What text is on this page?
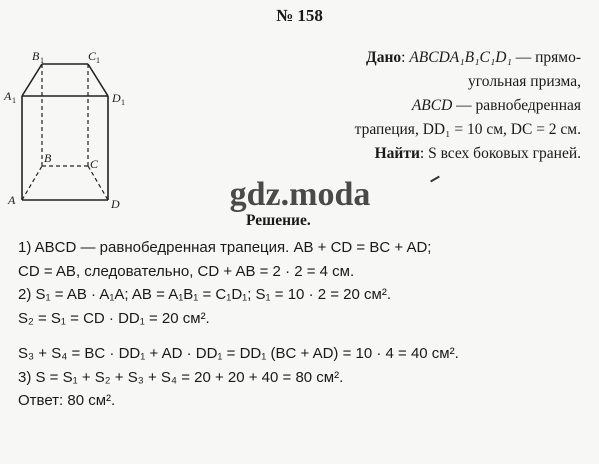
№ 158
B 1	C 1
A 1	D 1
B	C
A	D
Дано: ABCDA₁B₁C₁D₁ — прямо-
угольная призма,
ABCD — равнобедренная
трапеция, DD₁ = 10 см, DC = 2 см.
Найти: S всех боковых граней.
gdz.moda
Решение.
1) ABCD — равнобедренная трапеция. AB + CD = BC + AD;
CD = AB, следовательно, CD + AB = 2 · 2 = 4 см.
2) S₁ = AB · A₁A; AB = A₁B₁ = C₁D₁; S₁ = 10 · 2 = 20 см².
S₂ = S₁ = CD · DD₁ = 20 см².
S₃ + S₄ = BC · DD₁ + AD · DD₁ = DD₁ (BC + AD) = 10 · 4 = 40 см².
3) S = S₁ + S₂ + S₃ + S₄ = 20 + 20 + 40 = 80 см².
Ответ: 80 см².
